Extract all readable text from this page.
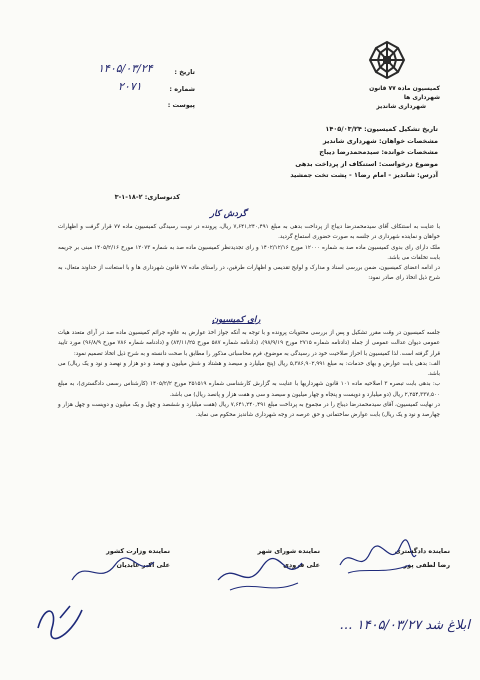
کمیسیون ماده ۷۷ قانون شهرداری ها
شهرداری شاندیز
تاریخ :
۱۴۰۵/۰۳/۲۴
شماره :
۲۰۷۱
پیوست :
تاریخ تشکیل کمیسیون: ۱۴۰۵/۰۳/۲۴
مشخصات خواهان: شهرداری شاندیز
مشخصات خوانده: سیدمحمدرضا دیباج
موضوع درخواست: استنکاف از پرداخت بدهی
آدرس: شاندیز - امام رضا۱ - پشت تخت جمشید
کدنوسازی: ۲-۱۸-۱-۳
گردش کار
با عنایت به استنکاف آقای سیدمحمدرضا دیباج از پرداخت بدهی به مبلغ ۷,۶۴۱,۲۴۰,۴۹۱ ریال، پرونده در نوبت رسیدگی کمیسیون ماده ۷۷ قرار گرفت و اظهارات خواهان و نماینده شهرداری در جلسه به صورت حضوری استماع گردید.
ملک دارای رای بدوی کمیسیون ماده صد به شماره ۱۲۰۰۰ مورخ ۱۴۰۲/۱۲/۱۶ و رای تجدیدنظر کمیسیون ماده صد به شماره ۱۲۰۷۳ مورخ ۱۴۰۵/۲/۱۶ مبنی بر جریمه بابت تخلفات می باشد.
در ادامه اعضای کمیسیون، ضمن بررسی اسناد و مدارک و لوایح تقدیمی و اظهارات طرفین، در راستای ماده ۷۷ قانون شهرداری ها و با استعانت از خداوند متعال، به شرح ذیل اتخاذ رای صادر نمود:
رای کمیسیون
جلسه کمیسیون در وقت مقرر تشکیل و پس از بررسی محتویات پرونده و با توجه به آنکه جواز اخذ عوارض به علاوه جرائم کمیسیون ماده صد در آرای متعدد هیات عمومی دیوان عدالت عمومی از جمله (دادنامه شماره ۲۷۱۵ مورخ ۹۸/۹/۱۹)، (دادنامه شماره ۵۸۷ مورخ ۸۳/۱۱/۲۵) و (دادنامه شماره ۷۸۶ مورخ ۹۶/۸/۹) مورد تایید قرار گرفته است. لذا کمیسیون با احراز صلاحیت خود در رسیدگی به موضوع، فرم محاسباتی مذکور را مطابق با صحت دانسته و به شرح ذیل اتخاذ تصمیم نمود:
الف: بدهی بابت عوارض و بهای خدمات: به مبلغ ۵,۳۸۶,۹۰۲,۹۹۱ ریال (پنج میلیارد و سیصد و هشتاد و شش میلیون و نهصد و دو هزار و نهصد و نود و یک ریال) می باشد.
ب: بدهی بابت تبصره ۳ اصلاحیه ماده ۱۰۱ قانون شهرداریها با عنایت به گزارش کارشناسی شماره ۲۵۱۵۱۹ مورخ ۱۴۰۵/۲/۲ (کارشناس رسمی دادگستری)، به مبلغ ۲,۲۵۴,۳۳۷,۵۰۰ ریال (دو میلیارد و دویست و پنجاه و چهار میلیون و سیصد و سی و هفت هزار و پانصد ریال) می باشد.
در نهایت کمیسیون، آقای سیدمحمدرضا دیباج را در مجموع به پرداخت مبلغ ۷,۶۴۱,۲۴۰,۴۹۱ ریال (هفت میلیارد و ششصد و چهل و یک میلیون و دویست و چهل هزار و چهارصد و نود و یک ریال) بابت عوارض ساختمانی و حق عرصه در وجه شهرداری شاندیز محکوم می نماید.
نماینده دادگستری
رضا لطفی پور
نماینده شورای شهر
علی فرودی
نماینده وزارت کشور
علی اکبر عابدیان
ابلاغ شد ۱۴۰۵/۰۳/۲۷ …
